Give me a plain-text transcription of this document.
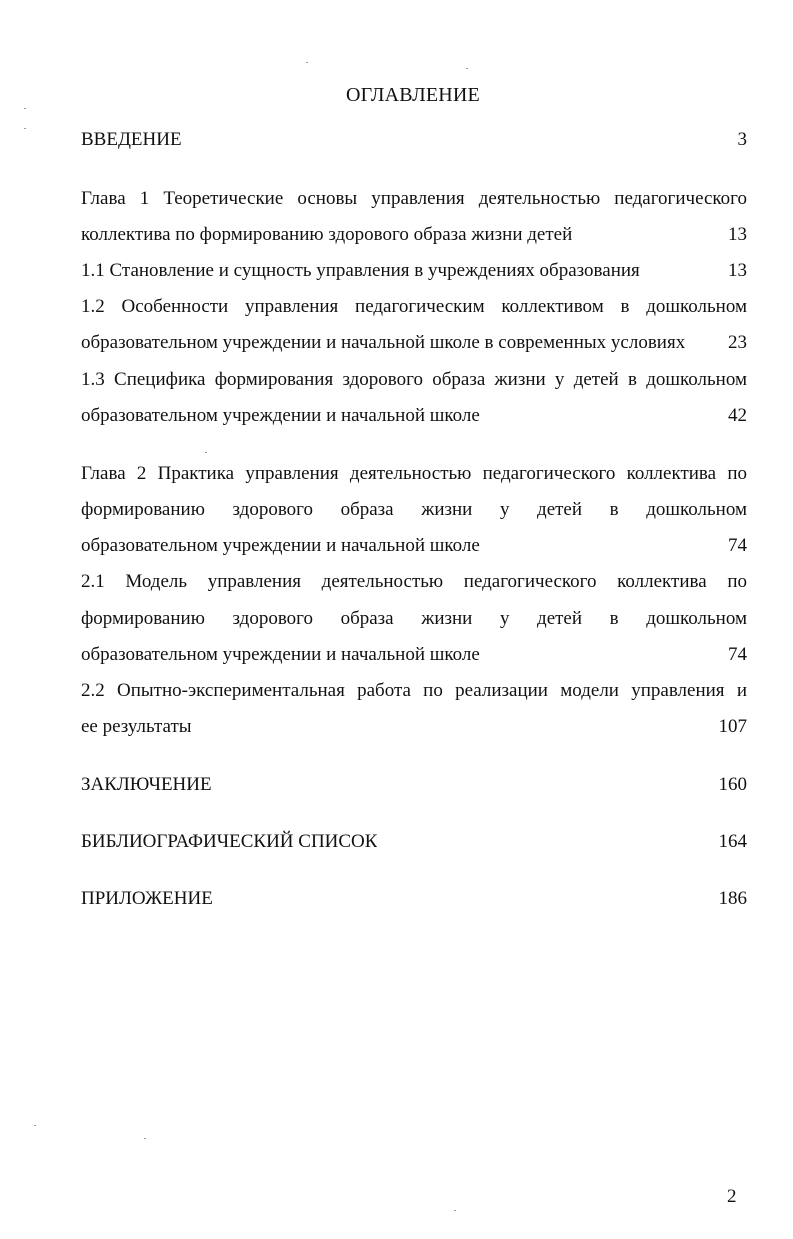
ОГЛАВЛЕНИЕ
ВВЕДЕНИЕ	3
Глава 1 Теоретические основы управления деятельностью педагогического
коллектива по формированию здорового образа жизни детей	13
1.1 Становление и сущность управления в учреждениях образования	13
1.2 Особенности управления педагогическим коллективом в дошкольном
образовательном учреждении и начальной школе в современных условиях 23
1.3 Специфика формирования здорового образа жизни у детей в дошкольном
образовательном учреждении и начальной школе	42
Глава 2 Практика управления деятельностью педагогического коллектива по
формированию здорового образа жизни у детей в дошкольном
образовательном учреждении и начальной школе	74
2.1 Модель управления деятельностью педагогического коллектива по
формированию здорового образа жизни у детей в дошкольном
образовательном учреждении и начальной школе	74
2.2 Опытно-экспериментальная работа по реализации модели управления и
ее результаты	107
ЗАКЛЮЧЕНИЕ	160
БИБЛИОГРАФИЧЕСКИЙ СПИСОК	164
ПРИЛОЖЕНИЕ	186
2
